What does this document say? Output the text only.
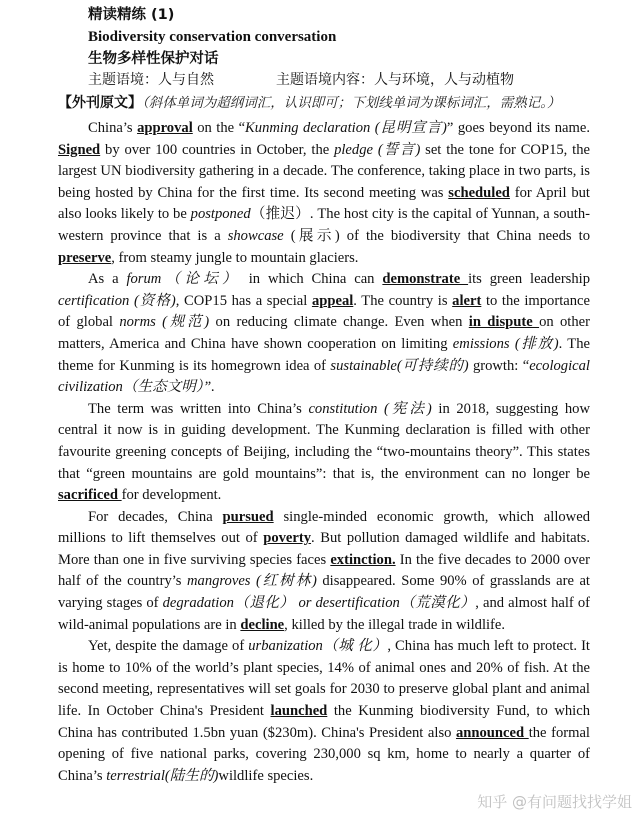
精读精练 (1)
Biodiversity conservation conversation
生物多样性保护对话
主题语境：人与自然	主题语境内容：人与环境，人与动植物
【外刊原文】（斜体单词为超纲词汇，认识即可；下划线单词为课标词汇，需熟记。）

China’s approval on the “Kunming declaration (昆明宣言)” goes beyond its name. Signed by over 100 countries in October, the pledge (誓言) set the tone for COP15, the largest UN biodiversity gathering in a decade. The conference, taking place in two parts, is being hosted by China for the first time. Its second meeting was scheduled for April but also looks likely to be postponed（推迟）. The host city is the capital of Yunnan, a south-western province that is a showcase (展示) of the biodiversity that China needs to preserve, from steamy jungle to mountain glaciers.

As a forum（论坛） in which China can demonstrate its green leadership certification (资格), COP15 has a special appeal. The country is alert to the importance of global norms (规范) on reducing climate change. Even when in dispute on other matters, America and China have shown cooperation on limiting emissions (排放). The theme for Kunming is its homegrown idea of sustainable(可持续的) growth: “ecological civilization（生态文明）”.

The term was written into China’s constitution (宪法) in 2018, suggesting how central it now is in guiding development. The Kunming declaration is filled with other favourite greening concepts of Beijing, including the “two-mountains theory”. This states that “green mountains are gold mountains”: that is, the environment can no longer be sacrificed for development.

For decades, China pursued single-minded economic growth, which allowed millions to lift themselves out of poverty. But pollution damaged wildlife and habitats. More than one in five surviving species faces extinction. In the five decades to 2000 over half of the country’s mangroves (红树林) disappeared. Some 90% of grasslands are at varying stages of degradation（退化） or desertification（荒漠化）, and almost half of wild-animal populations are in decline, killed by the illegal trade in wildlife.

Yet, despite the damage of urbanization（城 化）, China has much left to protect. It is home to 10% of the world’s plant species, 14% of animal ones and 20% of fish. At the second meeting, representatives will set goals for 2030 to preserve global plant and animal life. In October China's President launched the Kunming biodiversity Fund, to which China has contributed 1.5bn yuan ($230m). China's President also announced the formal opening of five national parks, covering 230,000 sq km, home to nearly a quarter of China’s terrestrial(陆生的)wildlife species.

知乎 @有问题找找学姐
